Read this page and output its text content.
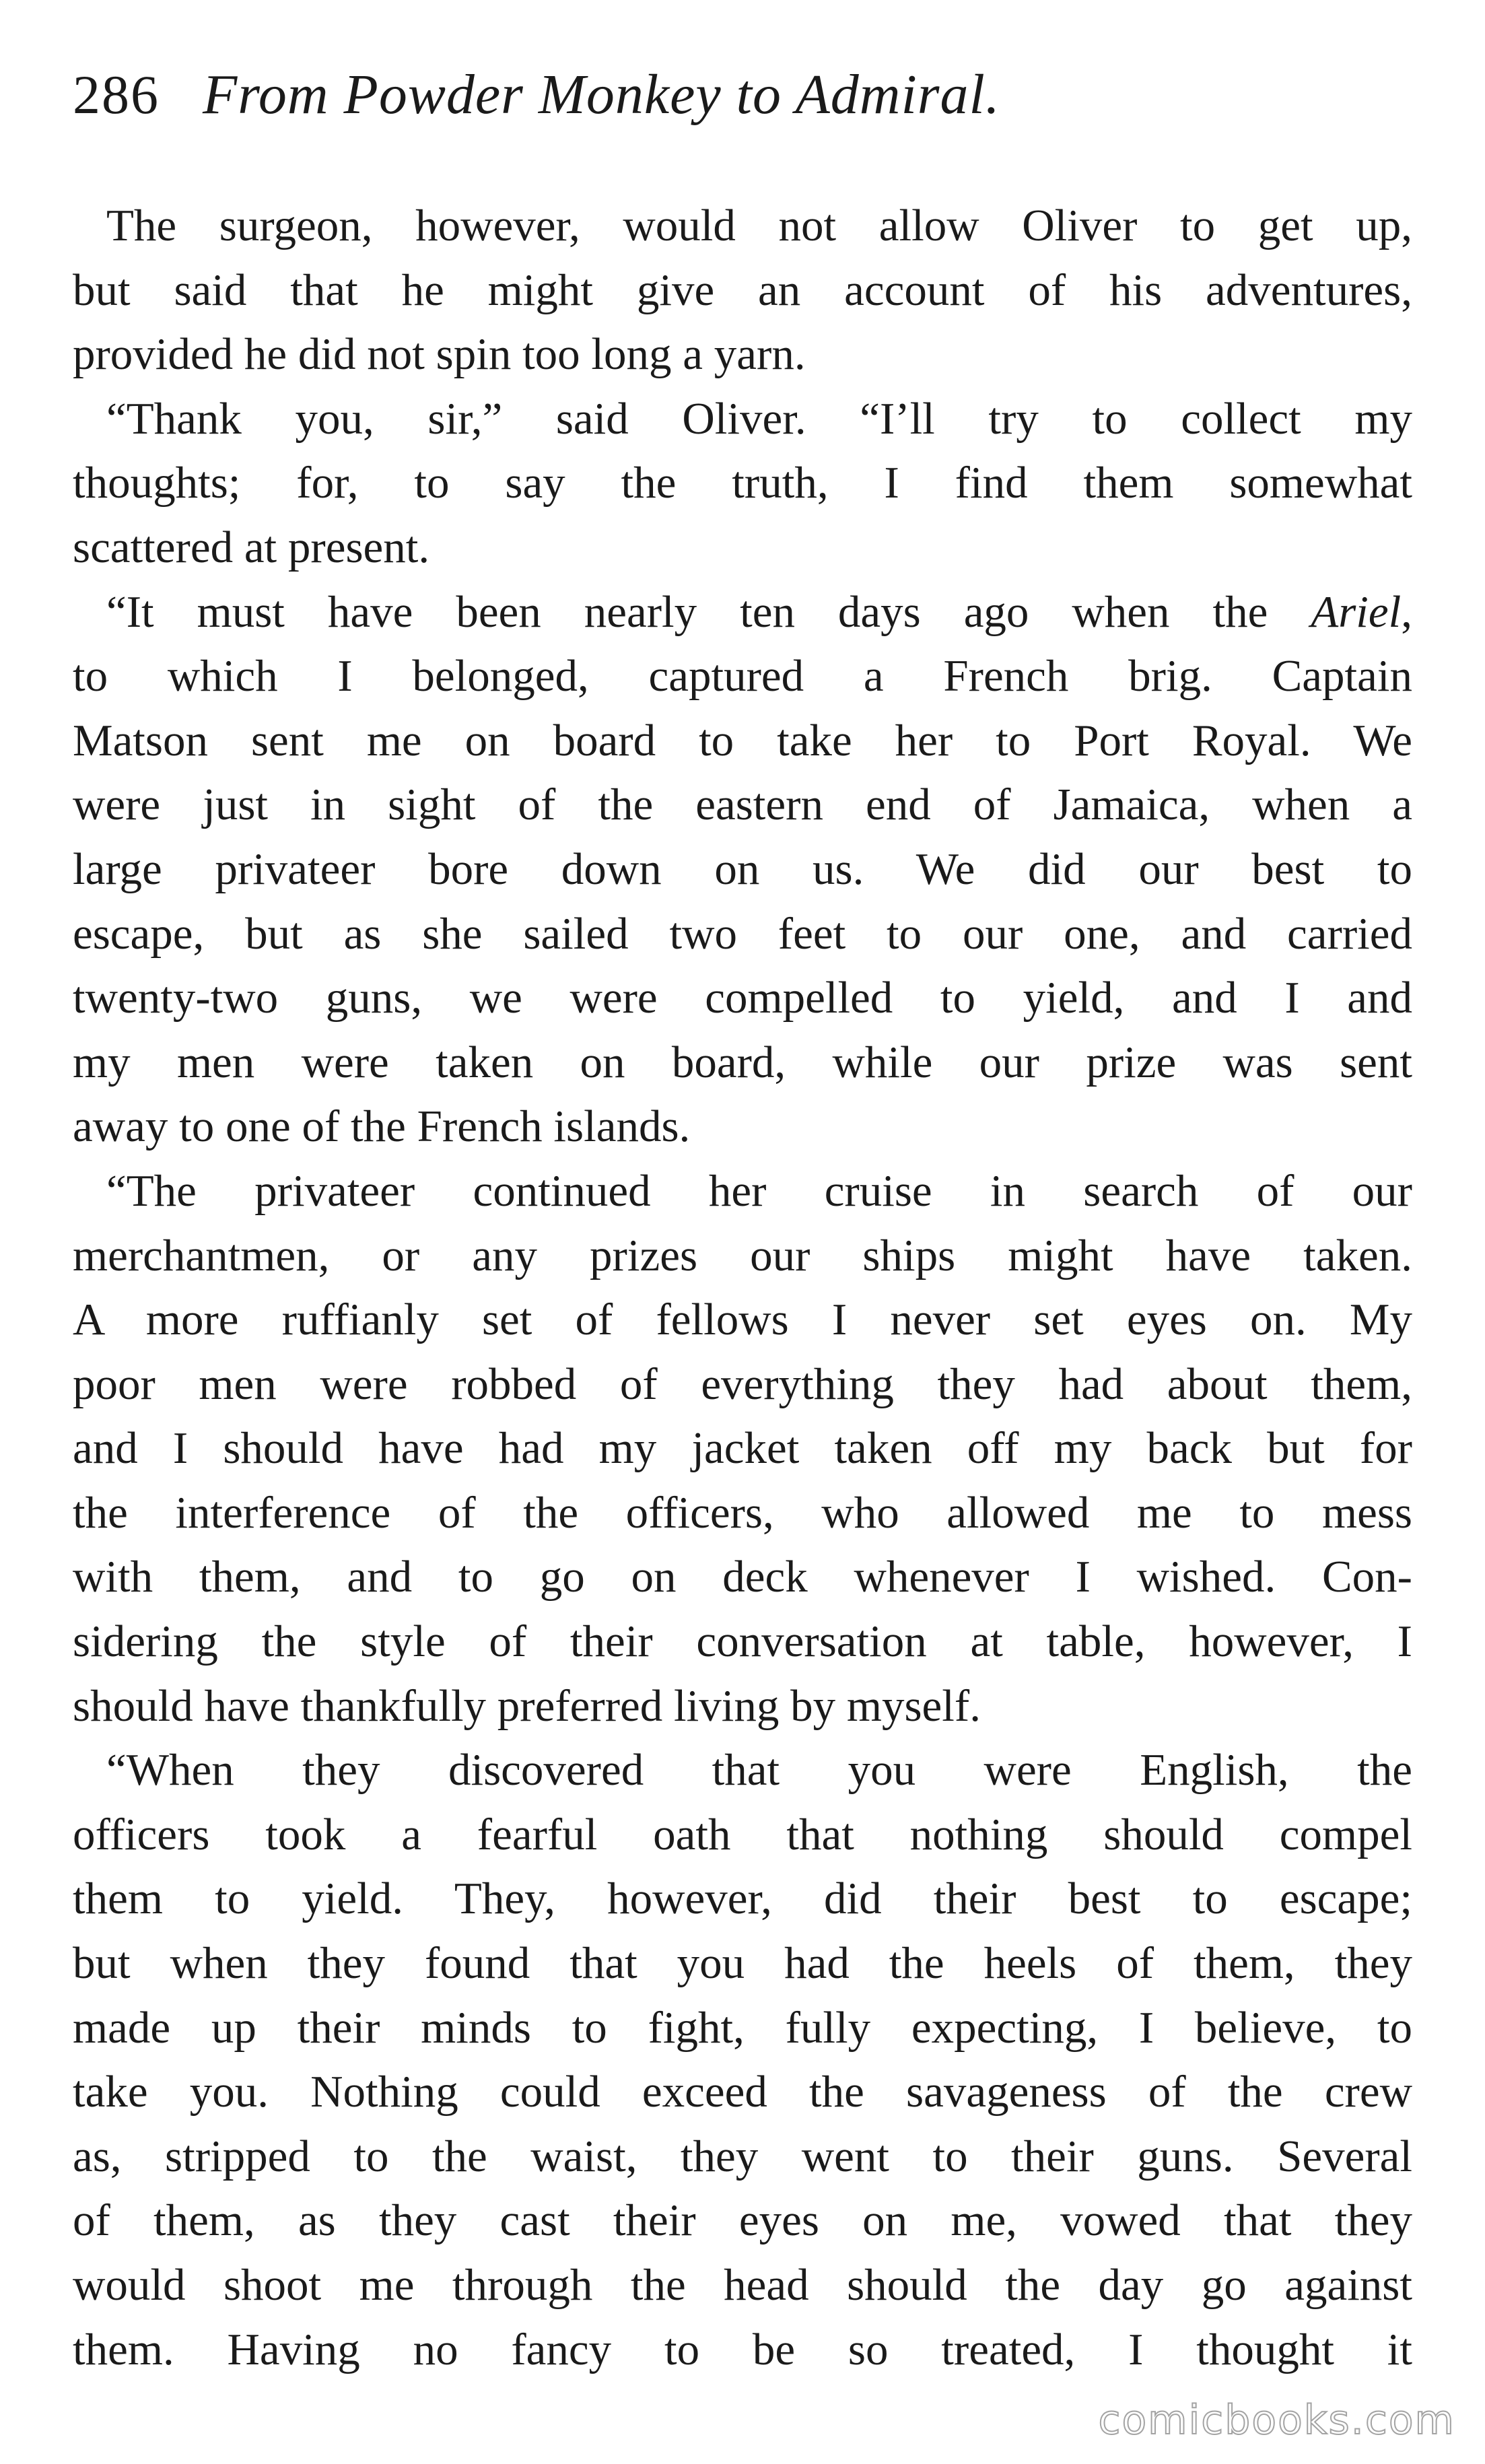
286 From Powder Monkey to Admiral.
The surgeon, however, would not allow Oliver to get up,
but said that he might give an account of his adventures,
provided he did not spin too long a yarn.
“Thank you, sir,” said Oliver. “I’ll try to collect my
thoughts; for, to say the truth, I find them somewhat
scattered at present.
“It must have been nearly ten days ago when the Ariel,
to which I belonged, captured a French brig. Captain
Matson sent me on board to take her to Port Royal. We
were just in sight of the eastern end of Jamaica, when a
large privateer bore down on us. We did our best to
escape, but as she sailed two feet to our one, and carried
twenty-two guns, we were compelled to yield, and I and
my men were taken on board, while our prize was sent
away to one of the French islands.
“The privateer continued her cruise in search of our
merchantmen, or any prizes our ships might have taken.
A more ruffianly set of fellows I never set eyes on. My
poor men were robbed of everything they had about them,
and I should have had my jacket taken off my back but for
the interference of the officers, who allowed me to mess
with them, and to go on deck whenever I wished. Con-
sidering the style of their conversation at table, however, I
should have thankfully preferred living by myself.
“When they discovered that you were English, the
officers took a fearful oath that nothing should compel
them to yield. They, however, did their best to escape;
but when they found that you had the heels of them, they
made up their minds to fight, fully expecting, I believe, to
take you. Nothing could exceed the savageness of the crew
as, stripped to the waist, they went to their guns. Several
of them, as they cast their eyes on me, vowed that they
would shoot me through the head should the day go against
them. Having no fancy to be so treated, I thought it
comicbooks.com
